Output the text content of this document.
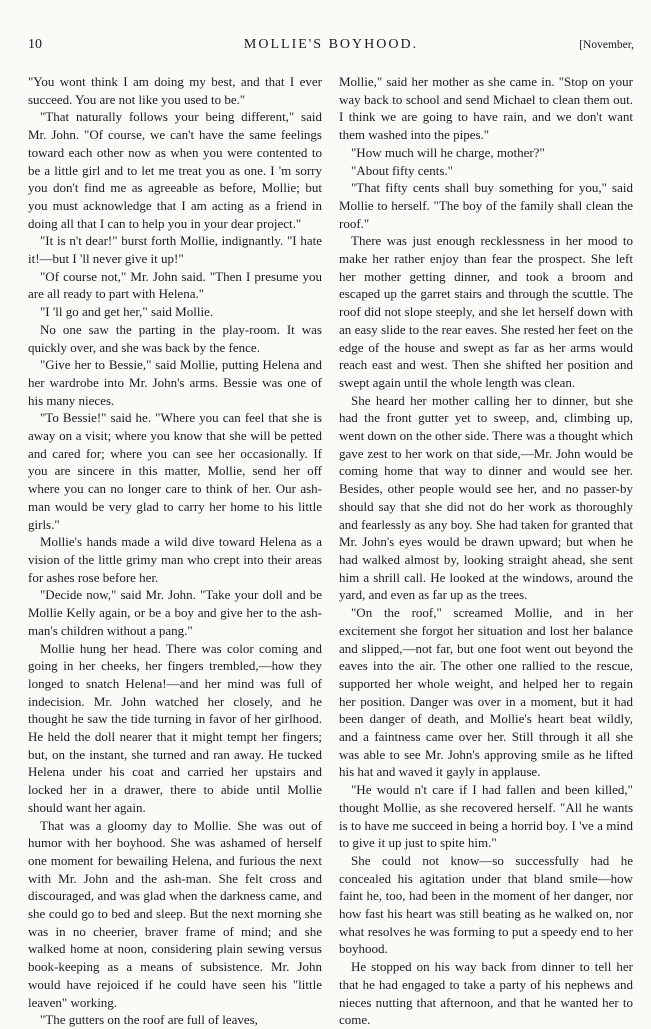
10	MOLLIE'S BOYHOOD.	[November,

"You wont think I am doing my best, and that I ever succeed. You are not like you used to be."

"That naturally follows your being different," said Mr. John. "Of course, we can't have the same feelings toward each other now as when you were contented to be a little girl and to let me treat you as one. I 'm sorry you don't find me as agreeable as before, Mollie; but you must acknowledge that I am acting as a friend in doing all that I can to help you in your dear project."

"It is n't dear!" burst forth Mollie, indignantly. "I hate it!—but I 'll never give it up!"

"Of course not," Mr. John said. "Then I presume you are all ready to part with Helena."

"I 'll go and get her," said Mollie.

No one saw the parting in the play-room. It was quickly over, and she was back by the fence.

"Give her to Bessie," said Mollie, putting Helena and her wardrobe into Mr. John's arms. Bessie was one of his many nieces.

"To Bessie!" said he. "Where you can feel that she is away on a visit; where you know that she will be petted and cared for; where you can see her occasionally. If you are sincere in this matter, Mollie, send her off where you can no longer care to think of her. Our ash-man would be very glad to carry her home to his little girls."

Mollie's hands made a wild dive toward Helena as a vision of the little grimy man who crept into their areas for ashes rose before her.

"Decide now," said Mr. John. "Take your doll and be Mollie Kelly again, or be a boy and give her to the ash-man's children without a pang."

Mollie hung her head. There was color coming and going in her cheeks, her fingers trembled,—how they longed to snatch Helena!—and her mind was full of indecision. Mr. John watched her closely, and he thought he saw the tide turning in favor of her girlhood. He held the doll nearer that it might tempt her fingers; but, on the instant, she turned and ran away. He tucked Helena under his coat and carried her upstairs and locked her in a drawer, there to abide until Mollie should want her again.

That was a gloomy day to Mollie. She was out of humor with her boyhood. She was ashamed of herself one moment for bewailing Helena, and furious the next with Mr. John and the ash-man. She felt cross and discouraged, and was glad when the darkness came, and she could go to bed and sleep. But the next morning she was in no cheerier, braver frame of mind; and she walked home at noon, considering plain sewing versus book-keeping as a means of subsistence. Mr. John would have rejoiced if he could have seen his "little leaven" working.

"The gutters on the roof are full of leaves,

Mollie," said her mother as she came in. "Stop on your way back to school and send Michael to clean them out. I think we are going to have rain, and we don't want them washed into the pipes."

"How much will he charge, mother?"

"About fifty cents."

"That fifty cents shall buy something for you," said Mollie to herself. "The boy of the family shall clean the roof."

There was just enough recklessness in her mood to make her rather enjoy than fear the prospect. She left her mother getting dinner, and took a broom and escaped up the garret stairs and through the scuttle. The roof did not slope steeply, and she let herself down with an easy slide to the rear eaves. She rested her feet on the edge of the house and swept as far as her arms would reach east and west. Then she shifted her position and swept again until the whole length was clean.

She heard her mother calling her to dinner, but she had the front gutter yet to sweep, and, climbing up, went down on the other side. There was a thought which gave zest to her work on that side,—Mr. John would be coming home that way to dinner and would see her. Besides, other people would see her, and no passer-by should say that she did not do her work as thoroughly and fearlessly as any boy. She had taken for granted that Mr. John's eyes would be drawn upward; but when he had walked almost by, looking straight ahead, she sent him a shrill call. He looked at the windows, around the yard, and even as far up as the trees.

"On the roof," screamed Mollie, and in her excitement she forgot her situation and lost her balance and slipped,—not far, but one foot went out beyond the eaves into the air. The other one rallied to the rescue, supported her whole weight, and helped her to regain her position. Danger was over in a moment, but it had been danger of death, and Mollie's heart beat wildly, and a faintness came over her. Still through it all she was able to see Mr. John's approving smile as he lifted his hat and waved it gayly in applause.

"He would n't care if I had fallen and been killed," thought Mollie, as she recovered herself. "All he wants is to have me succeed in being a horrid boy. I 've a mind to give it up just to spite him."

She could not know—so successfully had he concealed his agitation under that bland smile—how faint he, too, had been in the moment of her danger, nor how fast his heart was still beating as he walked on, nor what resolves he was forming to put a speedy end to her boyhood.

He stopped on his way back from dinner to tell her that he had engaged to take a party of his nephews and nieces nutting that afternoon, and that he wanted her to come.
